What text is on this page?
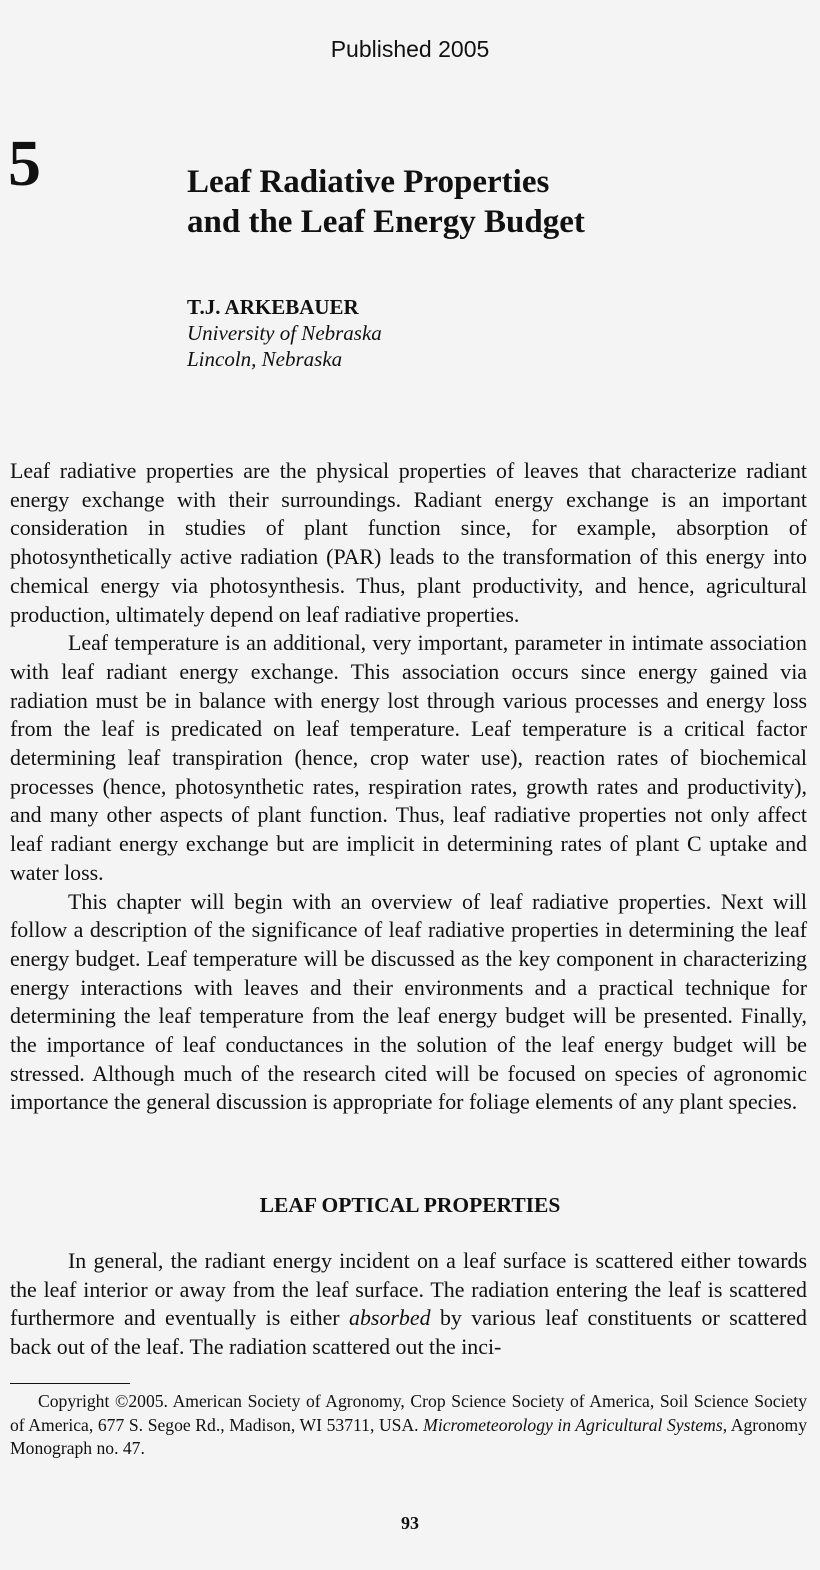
Published 2005
5	Leaf Radiative Properties
and the Leaf Energy Budget
T.J. ARKEBAUER
University of Nebraska
Lincoln, Nebraska

Leaf radiative properties are the physical properties of leaves that characterize radiant energy exchange with their surroundings. Radiant energy exchange is an important consideration in studies of plant function since, for example, absorption of photosynthetically active radiation (PAR) leads to the transformation of this energy into chemical energy via photosynthesis. Thus, plant productivity, and hence, agricultural production, ultimately depend on leaf radiative properties.

Leaf temperature is an additional, very important, parameter in intimate association with leaf radiant energy exchange. This association occurs since energy gained via radiation must be in balance with energy lost through various processes and energy loss from the leaf is predicated on leaf temperature. Leaf temperature is a critical factor determining leaf transpiration (hence, crop water use), reaction rates of biochemical processes (hence, photosynthetic rates, respiration rates, growth rates and productivity), and many other aspects of plant function. Thus, leaf radiative properties not only affect leaf radiant energy exchange but are implicit in determining rates of plant C uptake and water loss.

This chapter will begin with an overview of leaf radiative properties. Next will follow a description of the significance of leaf radiative properties in determining the leaf energy budget. Leaf temperature will be discussed as the key component in characterizing energy interactions with leaves and their environments and a practical technique for determining the leaf temperature from the leaf energy budget will be presented. Finally, the importance of leaf conductances in the solution of the leaf energy budget will be stressed. Although much of the research cited will be focused on species of agronomic importance the general discussion is appropriate for foliage elements of any plant species.

LEAF OPTICAL PROPERTIES

In general, the radiant energy incident on a leaf surface is scattered either towards the leaf interior or away from the leaf surface. The radiation entering the leaf is scattered furthermore and eventually is either absorbed by various leaf constituents or scattered back out of the leaf. The radiation scattered out the inci-

Copyright ©2005. American Society of Agronomy, Crop Science Society of America, Soil Science Society of America, 677 S. Segoe Rd., Madison, WI 53711, USA. Micrometeorology in Agricultural Systems, Agronomy Monograph no. 47.

93
